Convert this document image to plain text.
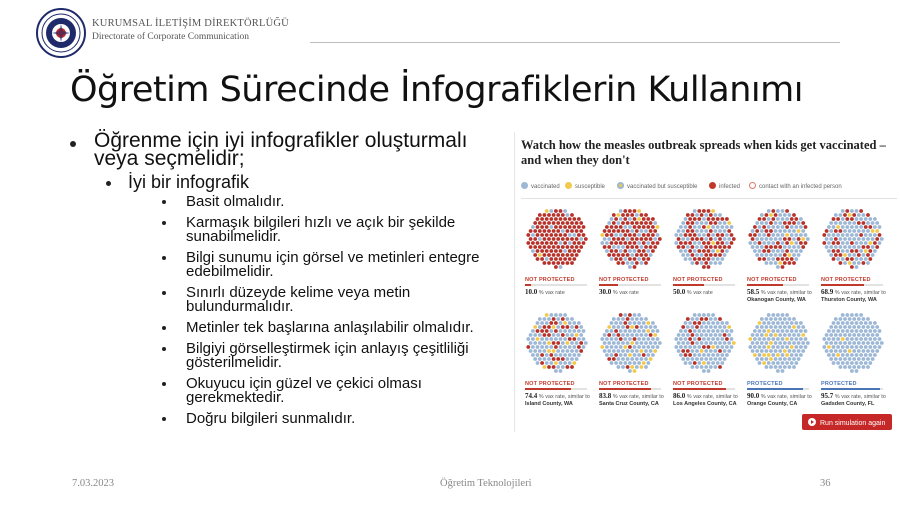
KURUMSAL İLETİŞİM DİREKTÖRLÜĞÜ
Directorate of Corporate Communication
Öğretim Sürecinde İnfografiklerin Kullanımı
Öğrenme için iyi infografikler oluşturmalı veya seçmelidir;
İyi bir infografik
Basit olmalıdır.
Karmaşık bilgileri hızlı ve açık bir şekilde sunabilmelidir.
Bilgi sunumu için görsel ve metinleri entegre edebilmelidir.
Sınırlı düzeyde kelime veya metin bulundurmalıdır.
Metinler tek başlarına anlaşılabilir olmalıdır.
Bilgiyi görselleştirmek için anlayış çeşitliliği gösterilmelidir.
Okuyucu için güzel ve çekici olması gerekmektedir.
Doğru bilgileri sunmalıdır.
Watch how the measles outbreak spreads when kids get vaccinated – and when they don't
vaccinated	susceptible	vaccinated but susceptible	infected	contact with an infected person
NOT PROTECTED
10.0 % vax rate
NOT PROTECTED
30.0 % vax rate
NOT PROTECTED
50.0 % vax rate
NOT PROTECTED
58.5 % vax rate, similar to
Okanogan County, WA
NOT PROTECTED
68.9 % vax rate, similar to
Thurston County, WA
NOT PROTECTED
74.4 % vax rate, similar to
Island County, WA
NOT PROTECTED
83.8 % vax rate, similar to
Santa Cruz County, CA
NOT PROTECTED
86.0 % vax rate, similar to
Los Angeles County, CA
PROTECTED
90.0 % vax rate, similar to
Orange County, CA
PROTECTED
95.7 % vax rate, similar to
Gadsden County, FL
Run simulation again
7.03.2023	Öğretim Teknolojileri	36
